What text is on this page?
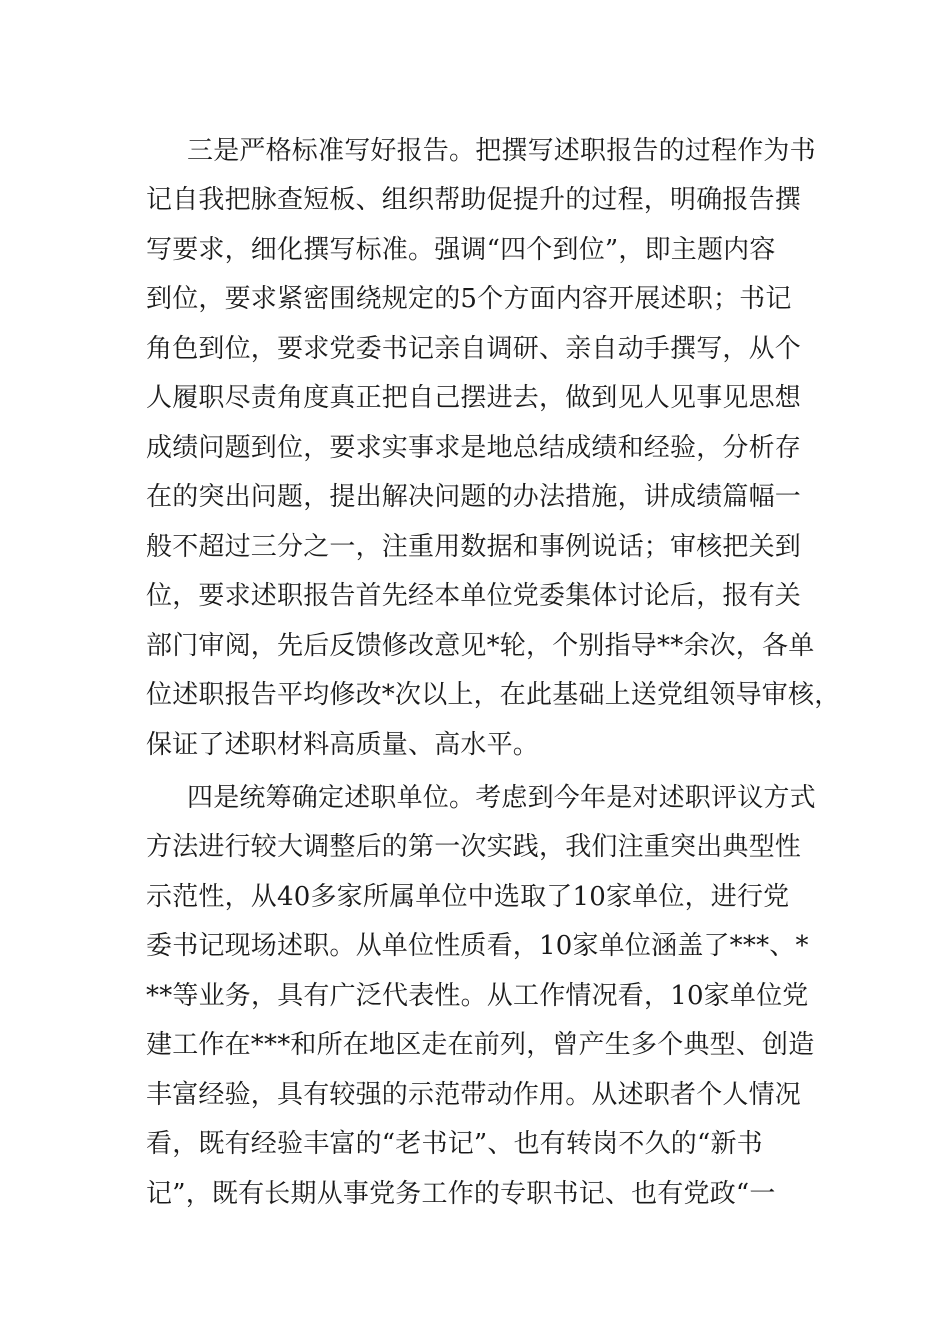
三是严格标准写好报告。把撰写述职报告的过程作为书
记自我把脉查短板、组织帮助促提升的过程，明确报告撰
写要求，细化撰写标准。强调“四个到位”，即主题内容
到位，要求紧密围绕规定的5个方面内容开展述职；书记
角色到位，要求党委书记亲自调研、亲自动手撰写，从个
人履职尽责角度真正把自己摆进去，做到见人见事见思想
成绩问题到位，要求实事求是地总结成绩和经验，分析存
在的突出问题，提出解决问题的办法措施，讲成绩篇幅一
般不超过三分之一，注重用数据和事例说话；审核把关到
位，要求述职报告首先经本单位党委集体讨论后，报有关
部门审阅，先后反馈修改意见*轮，个别指导**余次，各单
位述职报告平均修改*次以上，在此基础上送党组领导审核，
保证了述职材料高质量、高水平。
四是统筹确定述职单位。考虑到今年是对述职评议方式
方法进行较大调整后的第一次实践，我们注重突出典型性
示范性，从40多家所属单位中选取了10家单位，进行党
委书记现场述职。从单位性质看，10家单位涵盖了***、*
**等业务，具有广泛代表性。从工作情况看，10家单位党
建工作在***和所在地区走在前列，曾产生多个典型、创造
丰富经验，具有较强的示范带动作用。从述职者个人情况
看，既有经验丰富的“老书记”、也有转岗不久的“新书
记”，既有长期从事党务工作的专职书记、也有党政“一
